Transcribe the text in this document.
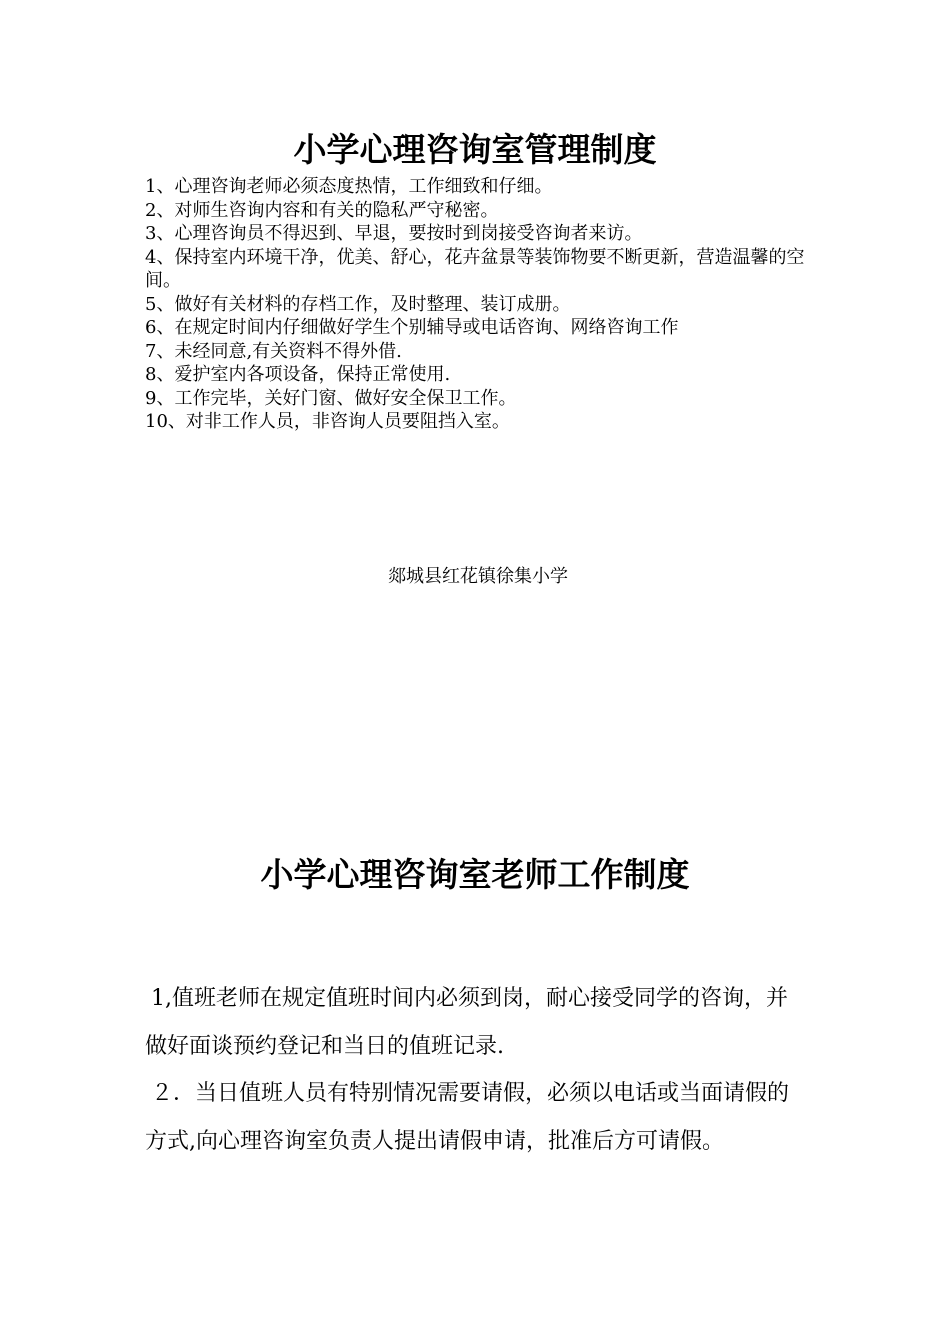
小学心理咨询室管理制度
1、心理咨询老师必须态度热情，工作细致和仔细。
2、对师生咨询内容和有关的隐私严守秘密。
3、心理咨询员不得迟到、早退，要按时到岗接受咨询者来访。
4、保持室内环境干净，优美、舒心，花卉盆景等装饰物要不断更新，营造温馨的空间。
5、做好有关材料的存档工作，及时整理、装订成册。
6、在规定时间内仔细做好学生个别辅导或电话咨询、网络咨询工作
7、未经同意,有关资料不得外借.
8、爱护室内各项设备，保持正常使用.
9、工作完毕，关好门窗、做好安全保卫工作。
10、对非工作人员，非咨询人员要阻挡入室。
郯城县红花镇徐集小学
小学心理咨询室老师工作制度
1,值班老师在规定值班时间内必须到岗，耐心接受同学的咨询，并做好面谈预约登记和当日的值班记录.
２．当日值班人员有特别情况需要请假，必须以电话或当面请假的方式,向心理咨询室负责人提出请假申请，批准后方可请假。
